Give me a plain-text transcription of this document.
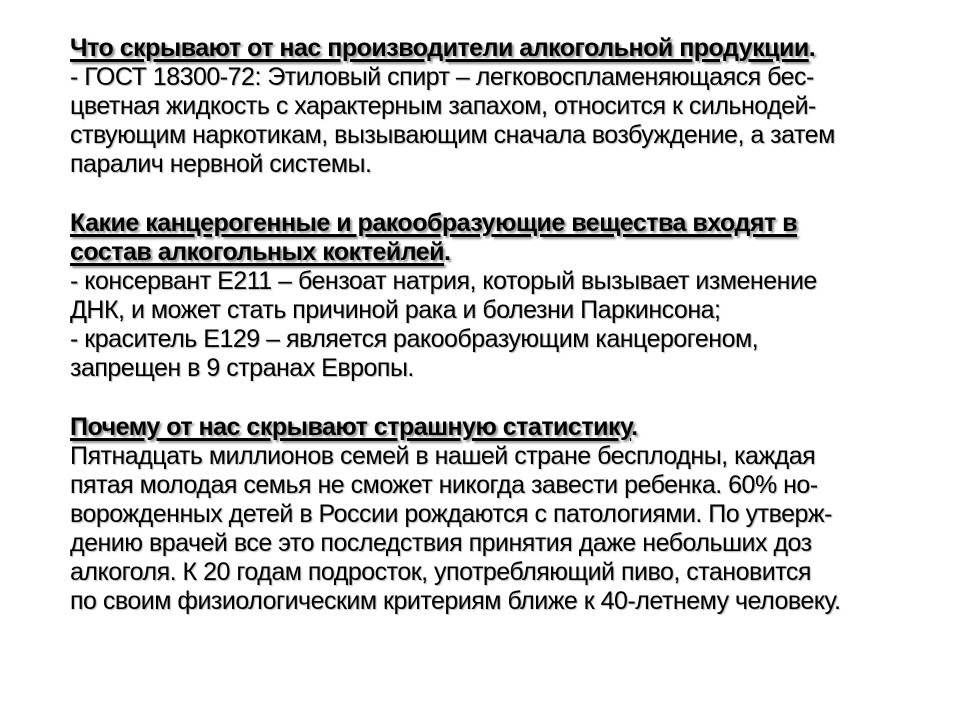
Что скрывают от нас производители алкогольной продукции.

- ГОСТ 18300-72: Этиловый спирт – легковоспламеняющаяся бес-

цветная жидкость с характерным запахом, относится к сильнодей-

ствующим наркотикам, вызывающим сначала возбуждение, а затем

паралич нервной системы.

Какие канцерогенные и ракообразующие вещества входят в

состав алкогольных коктейлей.

- консервант Е211 – бензоат натрия, который вызывает изменение

ДНК, и может стать причиной рака и болезни Паркинсона;

- краситель Е129 – является ракообразующим канцерогеном,

запрещен в 9 странах Европы.

Почему от нас скрывают страшную статистику.

Пятнадцать миллионов семей в нашей стране бесплодны, каждая

пятая молодая семья не сможет никогда завести ребенка. 60% но-

ворожденных детей в России рождаются с патологиями. По утверж-

дению врачей все это последствия принятия даже небольших доз

алкоголя. К 20 годам подросток, употребляющий пиво, становится

по своим физиологическим критериям ближе к 40-летнему человеку.
